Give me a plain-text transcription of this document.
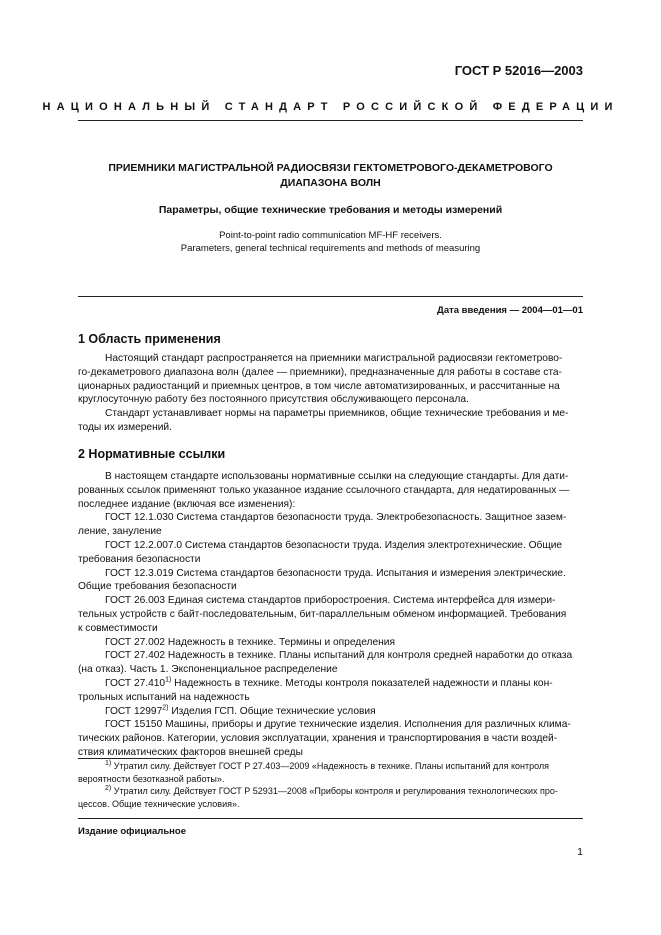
ГОСТ Р 52016—2003
НАЦИОНАЛЬНЫЙ СТАНДАРТ РОССИЙСКОЙ ФЕДЕРАЦИИ
ПРИЕМНИКИ МАГИСТРАЛЬНОЙ РАДИОСВЯЗИ ГЕКТОМЕТРОВОГО-ДЕКАМЕТРОВОГО
ДИАПАЗОНА ВОЛН
Параметры, общие технические требования и методы измерений
Point-to-point radio communication MF-HF receivers.
Parameters, general technical requirements and methods of measuring
Дата введения — 2004—01—01
1 Область применения
Настоящий стандарт распространяется на приемники магистральной радиосвязи гектометрово-
го-декаметрового диапазона волн (далее — приемники), предназначенные для работы в составе ста-
ционарных радиостанций и приемных центров, в том числе автоматизированных, и рассчитанные на
круглосуточную работу без постоянного присутствия обслуживающего персонала.
Стандарт устанавливает нормы на параметры приемников, общие технические требования и ме-
тоды их измерений.
2 Нормативные ссылки
В настоящем стандарте использованы нормативные ссылки на следующие стандарты. Для дати-
рованных ссылок применяют только указанное издание ссылочного стандарта, для недатированных —
последнее издание (включая все изменения):
ГОСТ 12.1.030 Система стандартов безопасности труда. Электробезопасность. Защитное зазем-
ление, зануление
ГОСТ 12.2.007.0 Система стандартов безопасности труда. Изделия электротехнические. Общие
требования безопасности
ГОСТ 12.3.019 Система стандартов безопасности труда. Испытания и измерения электрические.
Общие требования безопасности
ГОСТ 26.003 Единая система стандартов приборостроения. Система интерфейса для измери-
тельных устройств с байт-последовательным, бит-параллельным обменом информацией. Требования
к совместимости
ГОСТ 27.002 Надежность в технике. Термины и определения
ГОСТ 27.402 Надежность в технике. Планы испытаний для контроля средней наработки до отказа
(на отказ). Часть 1. Экспоненциальное распределение
ГОСТ 27.410$^{1)}$ Надежность в технике. Методы контроля показателей надежности и планы кон-
трольных испытаний на надежность
ГОСТ 12997$^{2)}$ Изделия ГСП. Общие технические условия
ГОСТ 15150 Машины, приборы и другие технические изделия. Исполнения для различных клима-
тических районов. Категории, условия эксплуатации, хранения и транспортирования в части воздей-
ствия климатических факторов внешней среды
$^{1)}$ Утратил силу. Действует ГОСТ Р 27.403—2009 «Надежность в технике. Планы испытаний для контроля
вероятности безотказной работы».
$^{2)}$ Утратил силу. Действует ГОСТ Р 52931—2008 «Приборы контроля и регулирования технологических про-
цессов. Общие технические условия».
Издание официальное
1
